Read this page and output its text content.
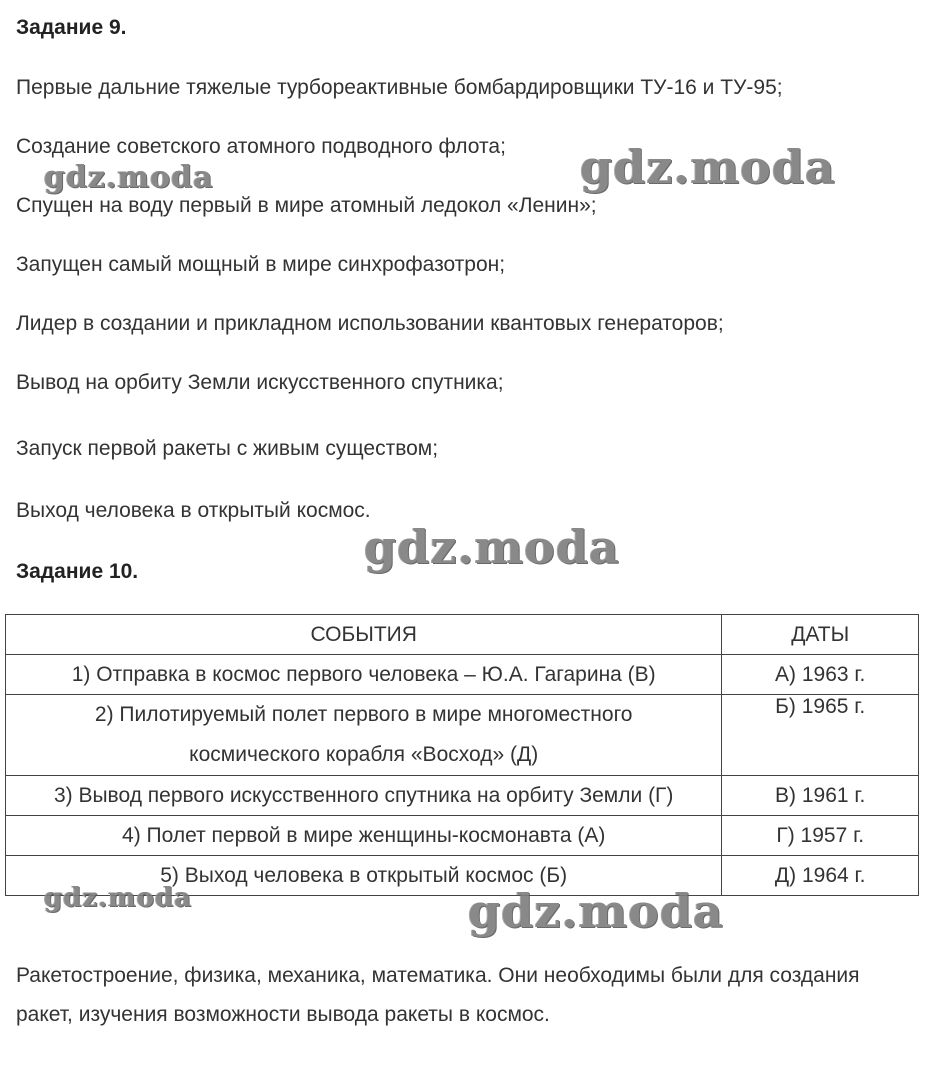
Задание 9.
Первые дальние тяжелые турбореактивные бомбардировщики ТУ-16 и ТУ-95;
Создание советского атомного подводного флота;
Спущен на воду первый в мире атомный ледокол «Ленин»;
Запущен самый мощный в мире синхрофазотрон;
Лидер в создании и прикладном использовании квантовых генераторов;
Вывод на орбиту Земли искусственного спутника;
Запуск первой ракеты с живым существом;
Выход человека в открытый космос.
Задание 10.
СОБЫТИЯ	ДАТЫ
1) Отправка в космос первого человека – Ю.А. Гагарина (В)	А) 1963 г.

2) Пилотируемый полет первого в мире многоместного
космического корабля «Восход» (Д)	Б) 1965 г.
3) Вывод первого искусственного спутника на орбиту Земли (Г)	В) 1961 г.
4) Полет первой в мире женщины-космонавта (А)	Г) 1957 г.
5) Выход человека в открытый космос (Б)	Д) 1964 г.
Ракетостроение, физика, механика, математика. Они необходимы были для создания ракет, изучения возможности вывода ракеты в космос.
gdz.moda	gdz.moda
gdz.moda
gdz.moda	gdz.moda
